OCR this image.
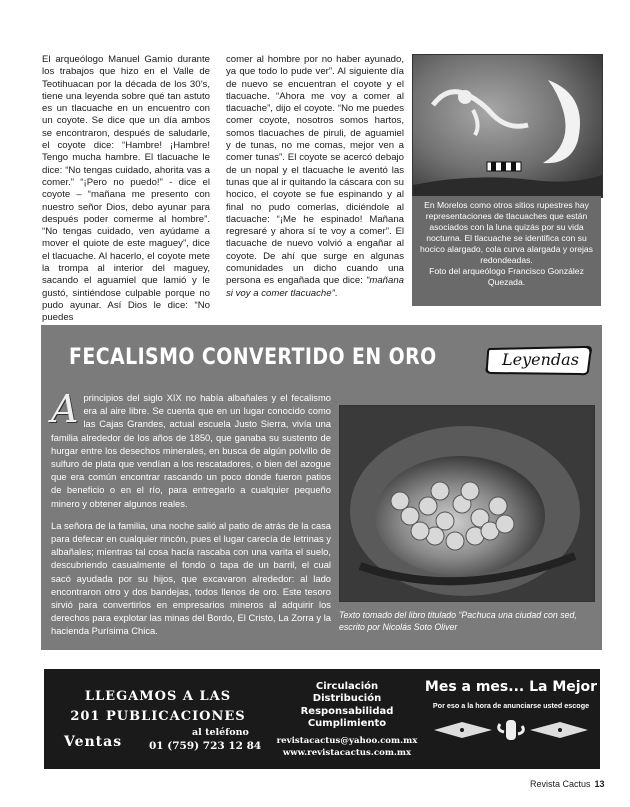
El arqueólogo Manuel Gamio durante los trabajos que hizo en el Valle de Teotihuacan por la década de los 30’s, tiene una leyenda sobre qué tan astuto es un tlacuache en un encuentro con un coyote. Se dice que un día ambos se encontraron, después de saludarle, el coyote dice: “Hambre! ¡Hambre! Tengo mucha hambre. El tlacuache le dice: “No tengas cuidado, ahorita vas a comer.” “¡Pero no puedo!” - dice el coyote – “mañana me presento con nuestro señor Dios, debo ayunar para después poder comerme al hombre”. “No tengas cuidado, ven ayúdame a mover el quiote de este maguey”, dice el tlacuache. Al hacerlo, el coyote mete la trompa al interior del maguey, sacando el aguamiel que lamió y le gustó, sintiéndose culpable porque no pudo ayunar. Así Dios le dice: “No puedes
comer al hombre por no haber ayunado, ya que todo lo pude ver”. Al siguiente día de nuevo se encuentran el coyote y el tlacuache. “Ahora me voy a comer al tlacuache”, dijo el coyote. “No me puedes comer coyote, nosotros somos hartos, somos tlacuaches de piruli, de aguamiel y de tunas, no me comas, mejor ven a comer tunas”. El coyote se acercó debajo de un nopal y el tlacuache le aventó las tunas que al ir quitando la cáscara con su hocico, el coyote se fue espinando y al final no pudo comerlas, diciéndole al tlacuache: “¡Me he espinado! Mañana regresaré y ahora sí te voy a comer”. El tlacuache de nuevo volvió a engañar al coyote. De ahí que surge en algunas comunidades un dicho cuando una persona es engañada que dice: “mañana si voy a comer tlacuache”.
En Morelos como otros sitios rupestres hay representaciones de tlacuaches que están asociados con la luna quizás por su vida nocturna. El tlacuache se identifica con su hocico alargado, cola curva alargada y orejas redondeadas.
Foto del arqueólogo Francisco González Quezada.
FECALISMO CONVERTIDO EN ORO	Leyendas

Aprincipios del siglo XIX no había albañales y el fecalismo era al aire libre. Se cuenta que en un lugar conocido como las Cajas Grandes, actual escuela Justo Sierra, vivía una familia alrededor de los años de 1850, que ganaba su sustento de hurgar entre los desechos minerales, en busca de algún polvillo de sulfuro de plata que vendían a los rescatadores, o bien del azogue que era común encontrar rascando un poco donde fueron patios de beneficio o en el río, para entregarlo a cualquier pequeño minero y obtener algunos reales.

La señora de la familia, una noche salió al patio de atrás de la casa para defecar en cualquier rincón, pues el lugar carecía de letrinas y albañales; mientras tal cosa hacía rascaba con una varita el suelo, descubriendo casualmente el fondo o tapa de un barril, el cual sacó ayudada por su hijos, que excavaron alrededor: al lado encontraron otro y dos bandejas, todos llenos de oro. Este tesoro sirvió para convertirlos en empresarios mineros al adquirir los derechos para explotar las minas del Bordo, El Cristo, La Zorra y la hacienda Purísima Chica.

Texto tomado del libro titulado “Pachuca una ciudad con sed, escrito por Nicolás Soto Oliver
LLEGAMOS A LAS
201 PUBLICACIONES
Ventas
al teléfono
01 (759) 723 12 84
Circulación
Distribución
Responsabilidad
Cumplimiento
revistacactus@yahoo.com.mx
www.revistacactus.com.mx
Mes a mes... La Mejor
Por eso a la hora de anunciarse usted escoge
Revista Cactus 13
